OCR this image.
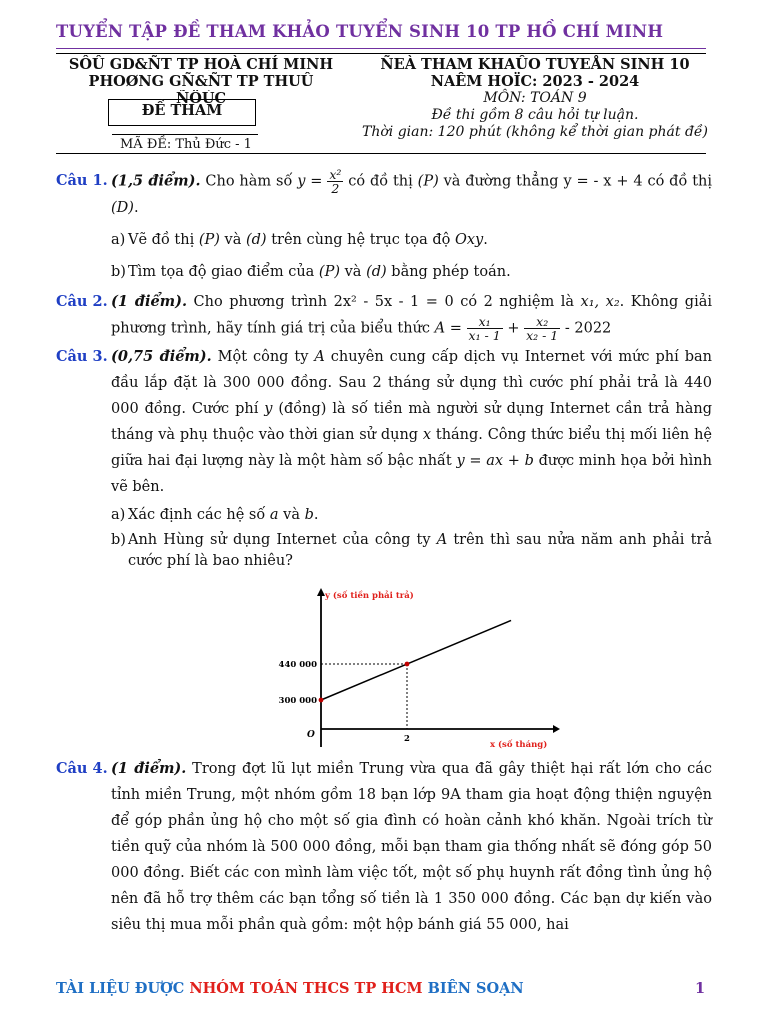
TUYỂN TẬP ĐỀ THAM KHẢO TUYỂN SINH 10 TP HỒ CHÍ MINH
SÔÛ GD&ÑT TP HOÀ CHÍ MINH
PHOØNG GÑ&ÑT TP THUÛ
ÑÖÙC
ĐỀ THAM
MÃ ĐỀ: Thủ Đức - 1
ÑEÀ THAM KHAÛO TUYEÅN SINH 10
NAÊM HOÏC: 2023 - 2024
MÔN: TOÁN 9
Đề thi gồm 8 câu hỏi tự luận.
Thời gian: 120 phút (không kể thời gian phát đề)

Câu 1. (1,5 điểm). Cho hàm số $y = \frac{\text{x²}}{2}$ có đồ thị (P) và đường thẳng y = - x + 4 có đồ thị (D).

a) Vẽ đồ thị (P) và (d) trên cùng hệ trục tọa độ Oxy.

b) Tìm tọa độ giao điểm của (P) và (d) bằng phép toán.

Câu 2. (1 điểm). Cho phương trình 2x² - 5x - 1 = 0 có 2 nghiệm là x₁, x₂. Không giải phương trình, hãy tính giá trị của biểu thức $A = \frac{\text{x₁}}{\text{x₁ - 1}} + \frac{\text{x₂}}{\text{x₂ - 1}} - 2022$

Câu 3. (0,75 điểm). Một công ty A chuyên cung cấp dịch vụ Internet với mức phí ban đầu lắp đặt là 300 000 đồng. Sau 2 tháng sử dụng thì cước phí phải trả là 440 000 đồng. Cước phí y (đồng) là số tiền mà người sử dụng Internet cần trả hàng tháng và phụ thuộc vào thời gian sử dụng x tháng. Công thức biểu thị mối liên hệ giữa hai đại lượng này là một hàm số bậc nhất y = ax + b được minh họa bởi hình vẽ bên.

a) Xác định các hệ số a và b.

b) Anh Hùng sử dụng Internet của công ty A trên thì sau nửa năm anh phải trả cước phí là bao nhiêu?

y (số tiền phải trả)
x (số tháng)
O
300 000
440 000
2

Câu 4. (1 điểm). Trong đợt lũ lụt miền Trung vừa qua đã gây thiệt hại rất lớn cho các tỉnh miền Trung, một nhóm gồm 18 bạn lớp 9A tham gia hoạt động thiện nguyện để góp phần ủng hộ cho một số gia đình có hoàn cảnh khó khăn. Ngoài trích từ tiền quỹ của nhóm là 500 000 đồng, mỗi bạn tham gia thống nhất sẽ đóng góp 50 000 đồng. Biết các con mình làm việc tốt, một số phụ huynh rất đồng tình ủng hộ nên đã hỗ trợ thêm các bạn tổng số tiền là 1 350 000 đồng. Các bạn dự kiến vào siêu thị mua mỗi phần quà gồm: một hộp bánh giá 55 000, hai

TÀI LIỆU ĐƯỢC NHÓM TOÁN THCS TP HCM BIÊN SOẠN	1
